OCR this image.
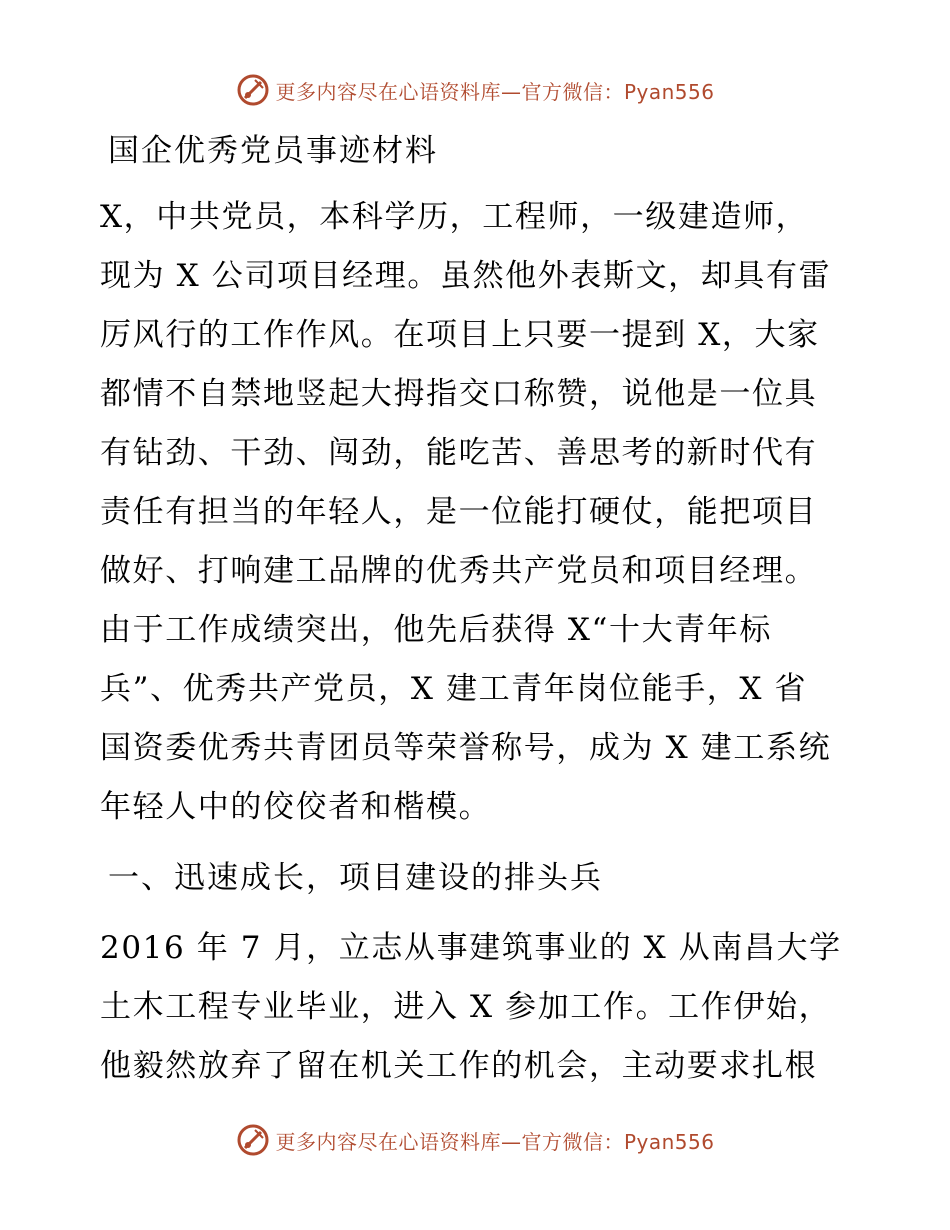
更多内容尽在心语资料库—官方微信：Pyan556
国企优秀党员事迹材料
X，中共党员，本科学历，工程师，一级建造师，
现为 X 公司项目经理。虽然他外表斯文，却具有雷
厉风行的工作作风。在项目上只要一提到 X，大家
都情不自禁地竖起大拇指交口称赞，说他是一位具
有钻劲、干劲、闯劲，能吃苦、善思考的新时代有
责任有担当的年轻人，是一位能打硬仗，能把项目
做好、打响建工品牌的优秀共产党员和项目经理。
由于工作成绩突出，他先后获得 X“十大青年标
兵”、优秀共产党员，X 建工青年岗位能手，X 省
国资委优秀共青团员等荣誉称号，成为 X 建工系统
年轻人中的佼佼者和楷模。
一、迅速成长，项目建设的排头兵
2016 年 7 月，立志从事建筑事业的 X 从南昌大学
土木工程专业毕业，进入 X 参加工作。工作伊始，
他毅然放弃了留在机关工作的机会，主动要求扎根
更多内容尽在心语资料库—官方微信：Pyan556
